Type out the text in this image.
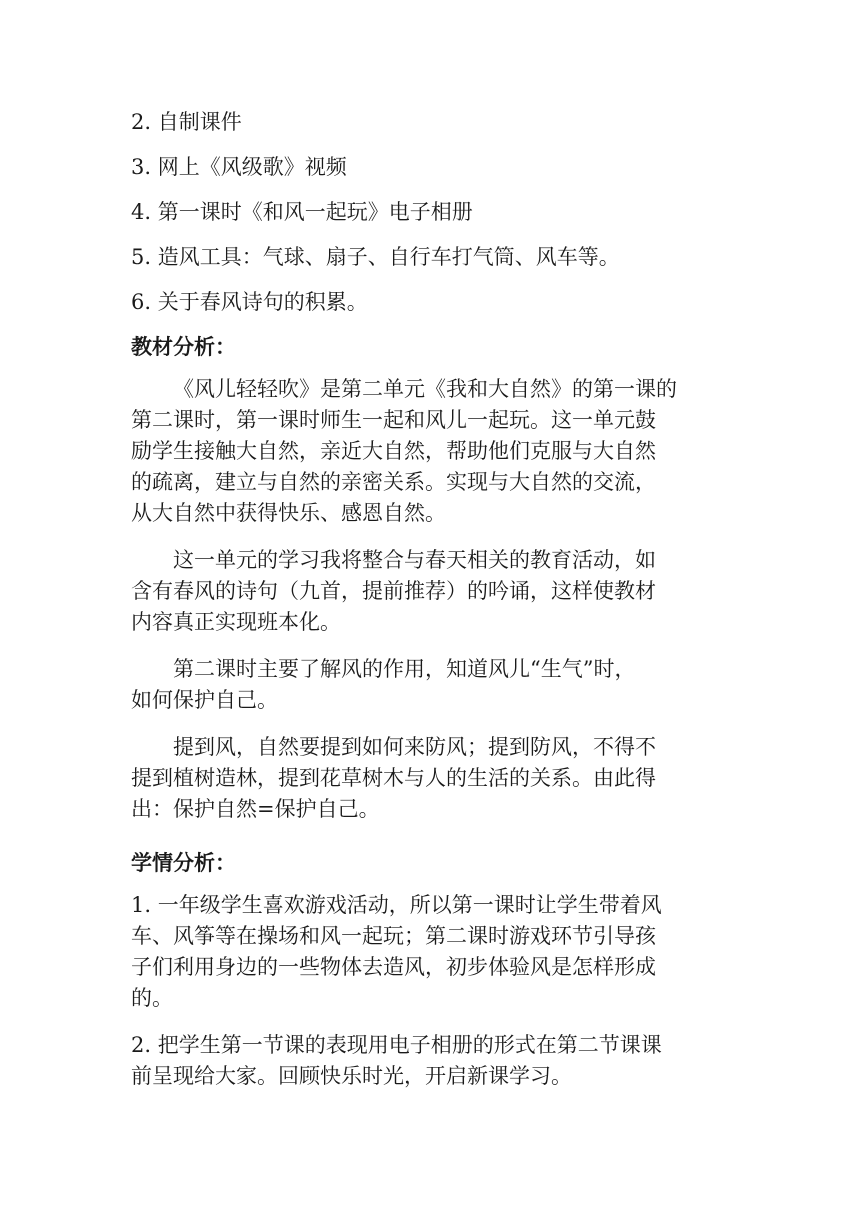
2. 自制课件
3. 网上《风级歌》视频
4. 第一课时《和风一起玩》电子相册
5. 造风工具：气球、扇子、自行车打气筒、风车等。
6. 关于春风诗句的积累。
教材分析：
《风儿轻轻吹》是第二单元《我和大自然》的第一课的
第二课时，第一课时师生一起和风儿一起玩。这一单元鼓
励学生接触大自然，亲近大自然，帮助他们克服与大自然
的疏离，建立与自然的亲密关系。实现与大自然的交流，
从大自然中获得快乐、感恩自然。
这一单元的学习我将整合与春天相关的教育活动，如
含有春风的诗句（九首，提前推荐）的吟诵，这样使教材
内容真正实现班本化。
第二课时主要了解风的作用，知道风儿“生气”时，
如何保护自己。
提到风，自然要提到如何来防风；提到防风，不得不
提到植树造林，提到花草树木与人的生活的关系。由此得
出：保护自然=保护自己。
学情分析：
1. 一年级学生喜欢游戏活动，所以第一课时让学生带着风
车、风筝等在操场和风一起玩；第二课时游戏环节引导孩
子们利用身边的一些物体去造风，初步体验风是怎样形成
的。
2. 把学生第一节课的表现用电子相册的形式在第二节课课
前呈现给大家。回顾快乐时光，开启新课学习。
